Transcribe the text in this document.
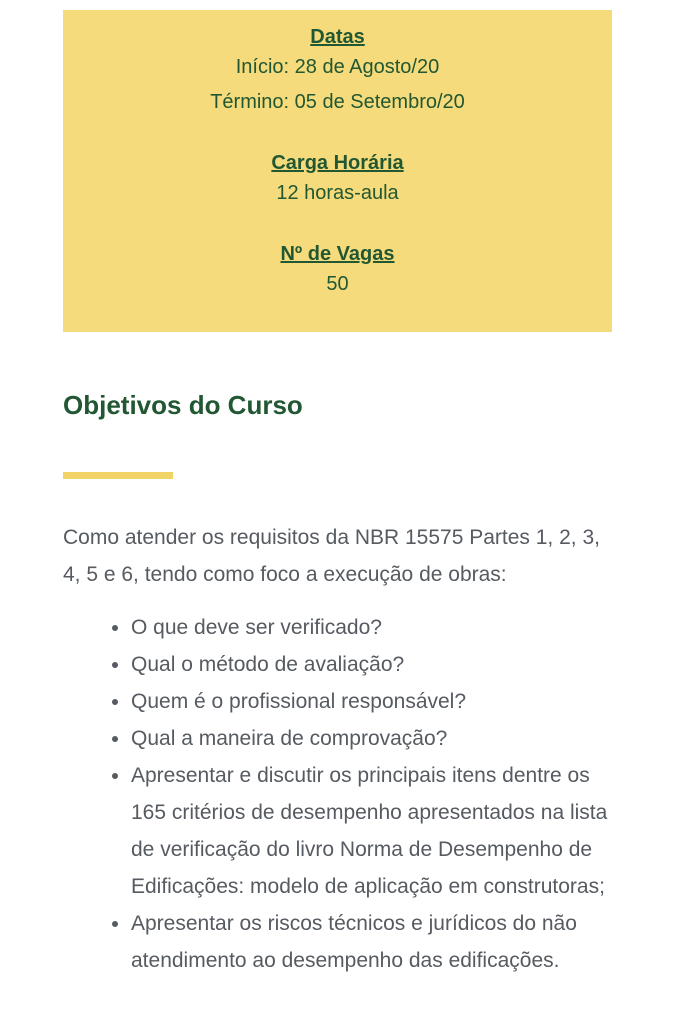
Datas

Início: 28 de Agosto/20

Término: 05 de Setembro/20

Carga Horária

12 horas-aula

Nº de Vagas

50

Objetivos do Curso

Como atender os requisitos da NBR 15575 Partes 1, 2, 3, 4, 5 e 6, tendo como foco a execução de obras:

• O que deve ser verificado?
• Qual o método de avaliação?
• Quem é o profissional responsável?
• Qual a maneira de comprovação?
• Apresentar e discutir os principais itens dentre os 165 critérios de desempenho apresentados na lista de verificação do livro Norma de Desempenho de Edificações: modelo de aplicação em construtoras;
• Apresentar os riscos técnicos e jurídicos do não atendimento ao desempenho das edificações.
